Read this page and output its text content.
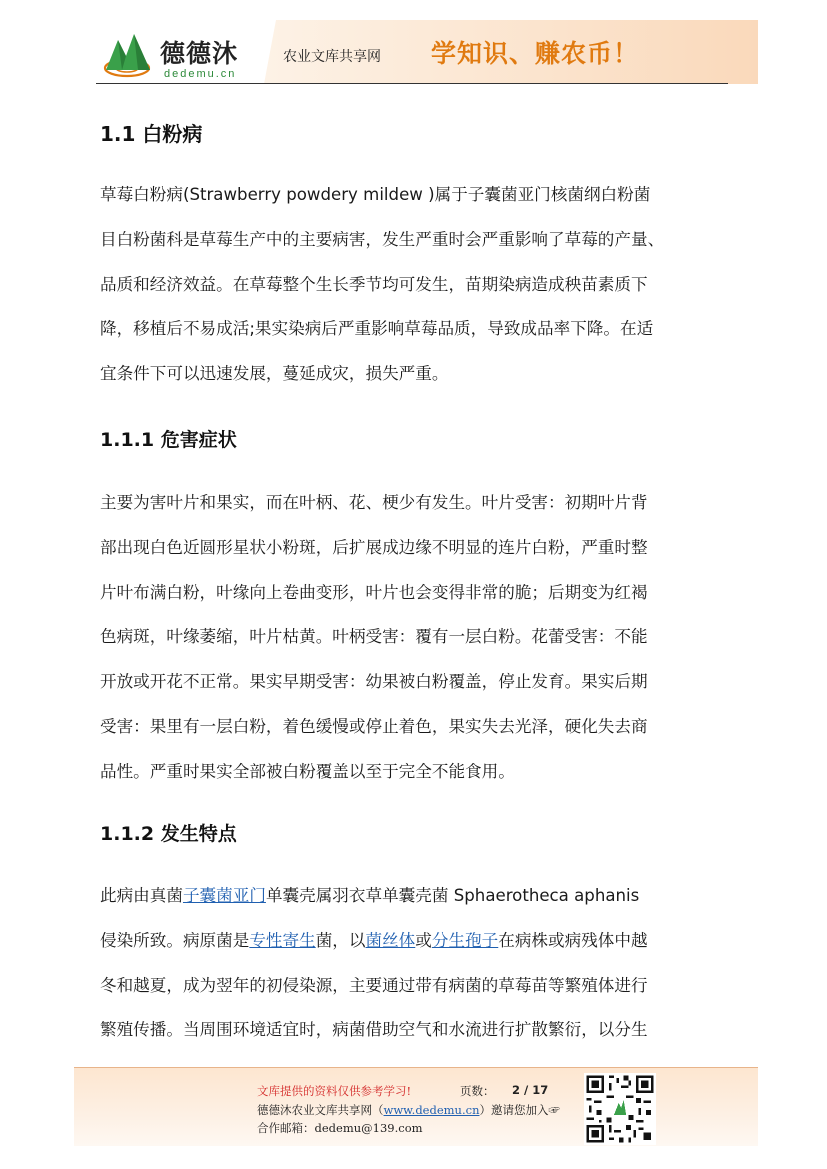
德德沐
dedemu.cn
农业文库共享网 学知识、赚农币！
1.1 白粉病
草莓白粉病(Strawberry powdery mildew )属于子囊菌亚门核菌纲白粉菌
目白粉菌科是草莓生产中的主要病害，发生严重时会严重影响了草莓的产量、
品质和经济效益。在草莓整个生长季节均可发生，苗期染病造成秧苗素质下
降，移植后不易成活;果实染病后严重影响草莓品质，导致成品率下降。在适
宜条件下可以迅速发展，蔓延成灾，损失严重。
1.1.1 危害症状
主要为害叶片和果实，而在叶柄、花、梗少有发生。叶片受害：初期叶片背
部出现白色近圆形星状小粉斑，后扩展成边缘不明显的连片白粉，严重时整
片叶布满白粉，叶缘向上卷曲变形，叶片也会变得非常的脆；后期变为红褐
色病斑，叶缘萎缩，叶片枯黄。叶柄受害：覆有一层白粉。花蕾受害：不能
开放或开花不正常。果实早期受害：幼果被白粉覆盖，停止发育。果实后期
受害：果里有一层白粉，着色缓慢或停止着色，果实失去光泽，硬化失去商
品性。严重时果实全部被白粉覆盖以至于完全不能食用。
1.1.2 发生特点
此病由真菌子囊菌亚门单囊壳属羽衣草单囊壳菌 Sphaerotheca aphanis
侵染所致。病原菌是专性寄生菌，以菌丝体或分生孢子在病株或病残体中越
冬和越夏，成为翌年的初侵染源，主要通过带有病菌的草莓苗等繁殖体进行
繁殖传播。当周围环境适宜时，病菌借助空气和水流进行扩散繁衍，以分生
文库提供的资料仅供参考学习!	页数： 2 / 17
德德沐农业文库共享网（www.dedemu.cn）邀请您加入☞
合作邮箱：dedemu@139.com
